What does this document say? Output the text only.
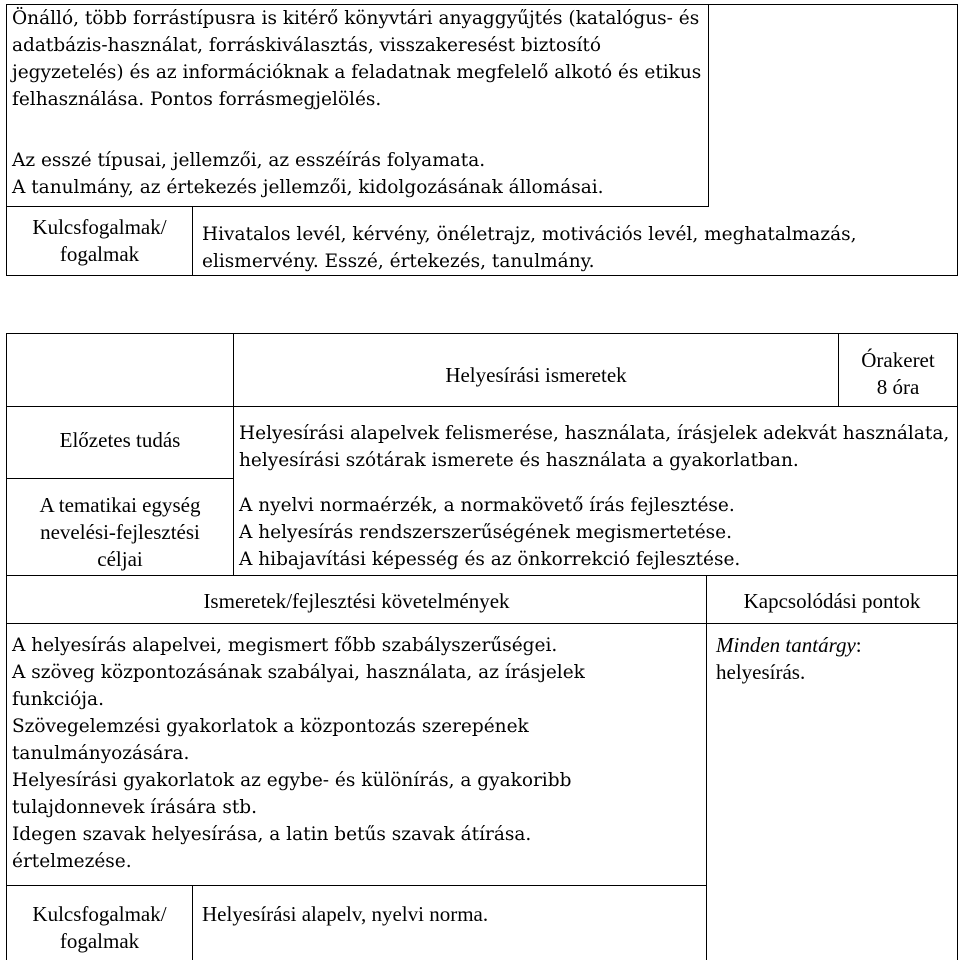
Önálló, több forrástípusra is kitérő könyvtári anyaggyűjtés (katalógus- és adatbázis-használat, forráskiválasztás, visszakeresést biztosító jegyzetelés) és az információknak a feladatnak megfelelő alkotó és etikus felhasználása. Pontos forrásmegjelölés.
Az esszé típusai, jellemzői, az esszéírás folyamata.
A tanulmány, az értekezés jellemzői, kidolgozásának állomásai.
Kulcsfogalmak/
fogalmak
Hivatalos levél, kérvény, önéletrajz, motivációs levél, meghatalmazás, elismervény. Esszé, értekezés, tanulmány.
Helyesírási ismeretek
Órakeret
8 óra
Előzetes tudás	Helyesírási alapelvek felismerése, használata, írásjelek adekvát használata, helyesírási szótárak ismerete és használata a gyakorlatban.
A tematikai egység
nevelési-fejlesztési
céljai
A nyelvi normaérzék, a normakövető írás fejlesztése.
A helyesírás rendszerszerűségének megismertetése.
A hibajavítási képesség és az önkorrekció fejlesztése.
Ismeretek/fejlesztési követelmények	Kapcsolódási pontok
A helyesírás alapelvei, megismert főbb szabályszerűségei.
A szöveg központozásának szabályai, használata, az írásjelek funkciója.
Szövegelemzési gyakorlatok a központozás szerepének tanulmányozására.
Helyesírási gyakorlatok az egybe- és különírás, a gyakoribb tulajdonnevek írására stb.
Idegen szavak helyesírása, a latin betűs szavak átírása.
értelmezése.
Minden tantárgy:
helyesírás.
Kulcsfogalmak/
fogalmak
Helyesírási alapelv, nyelvi norma.
